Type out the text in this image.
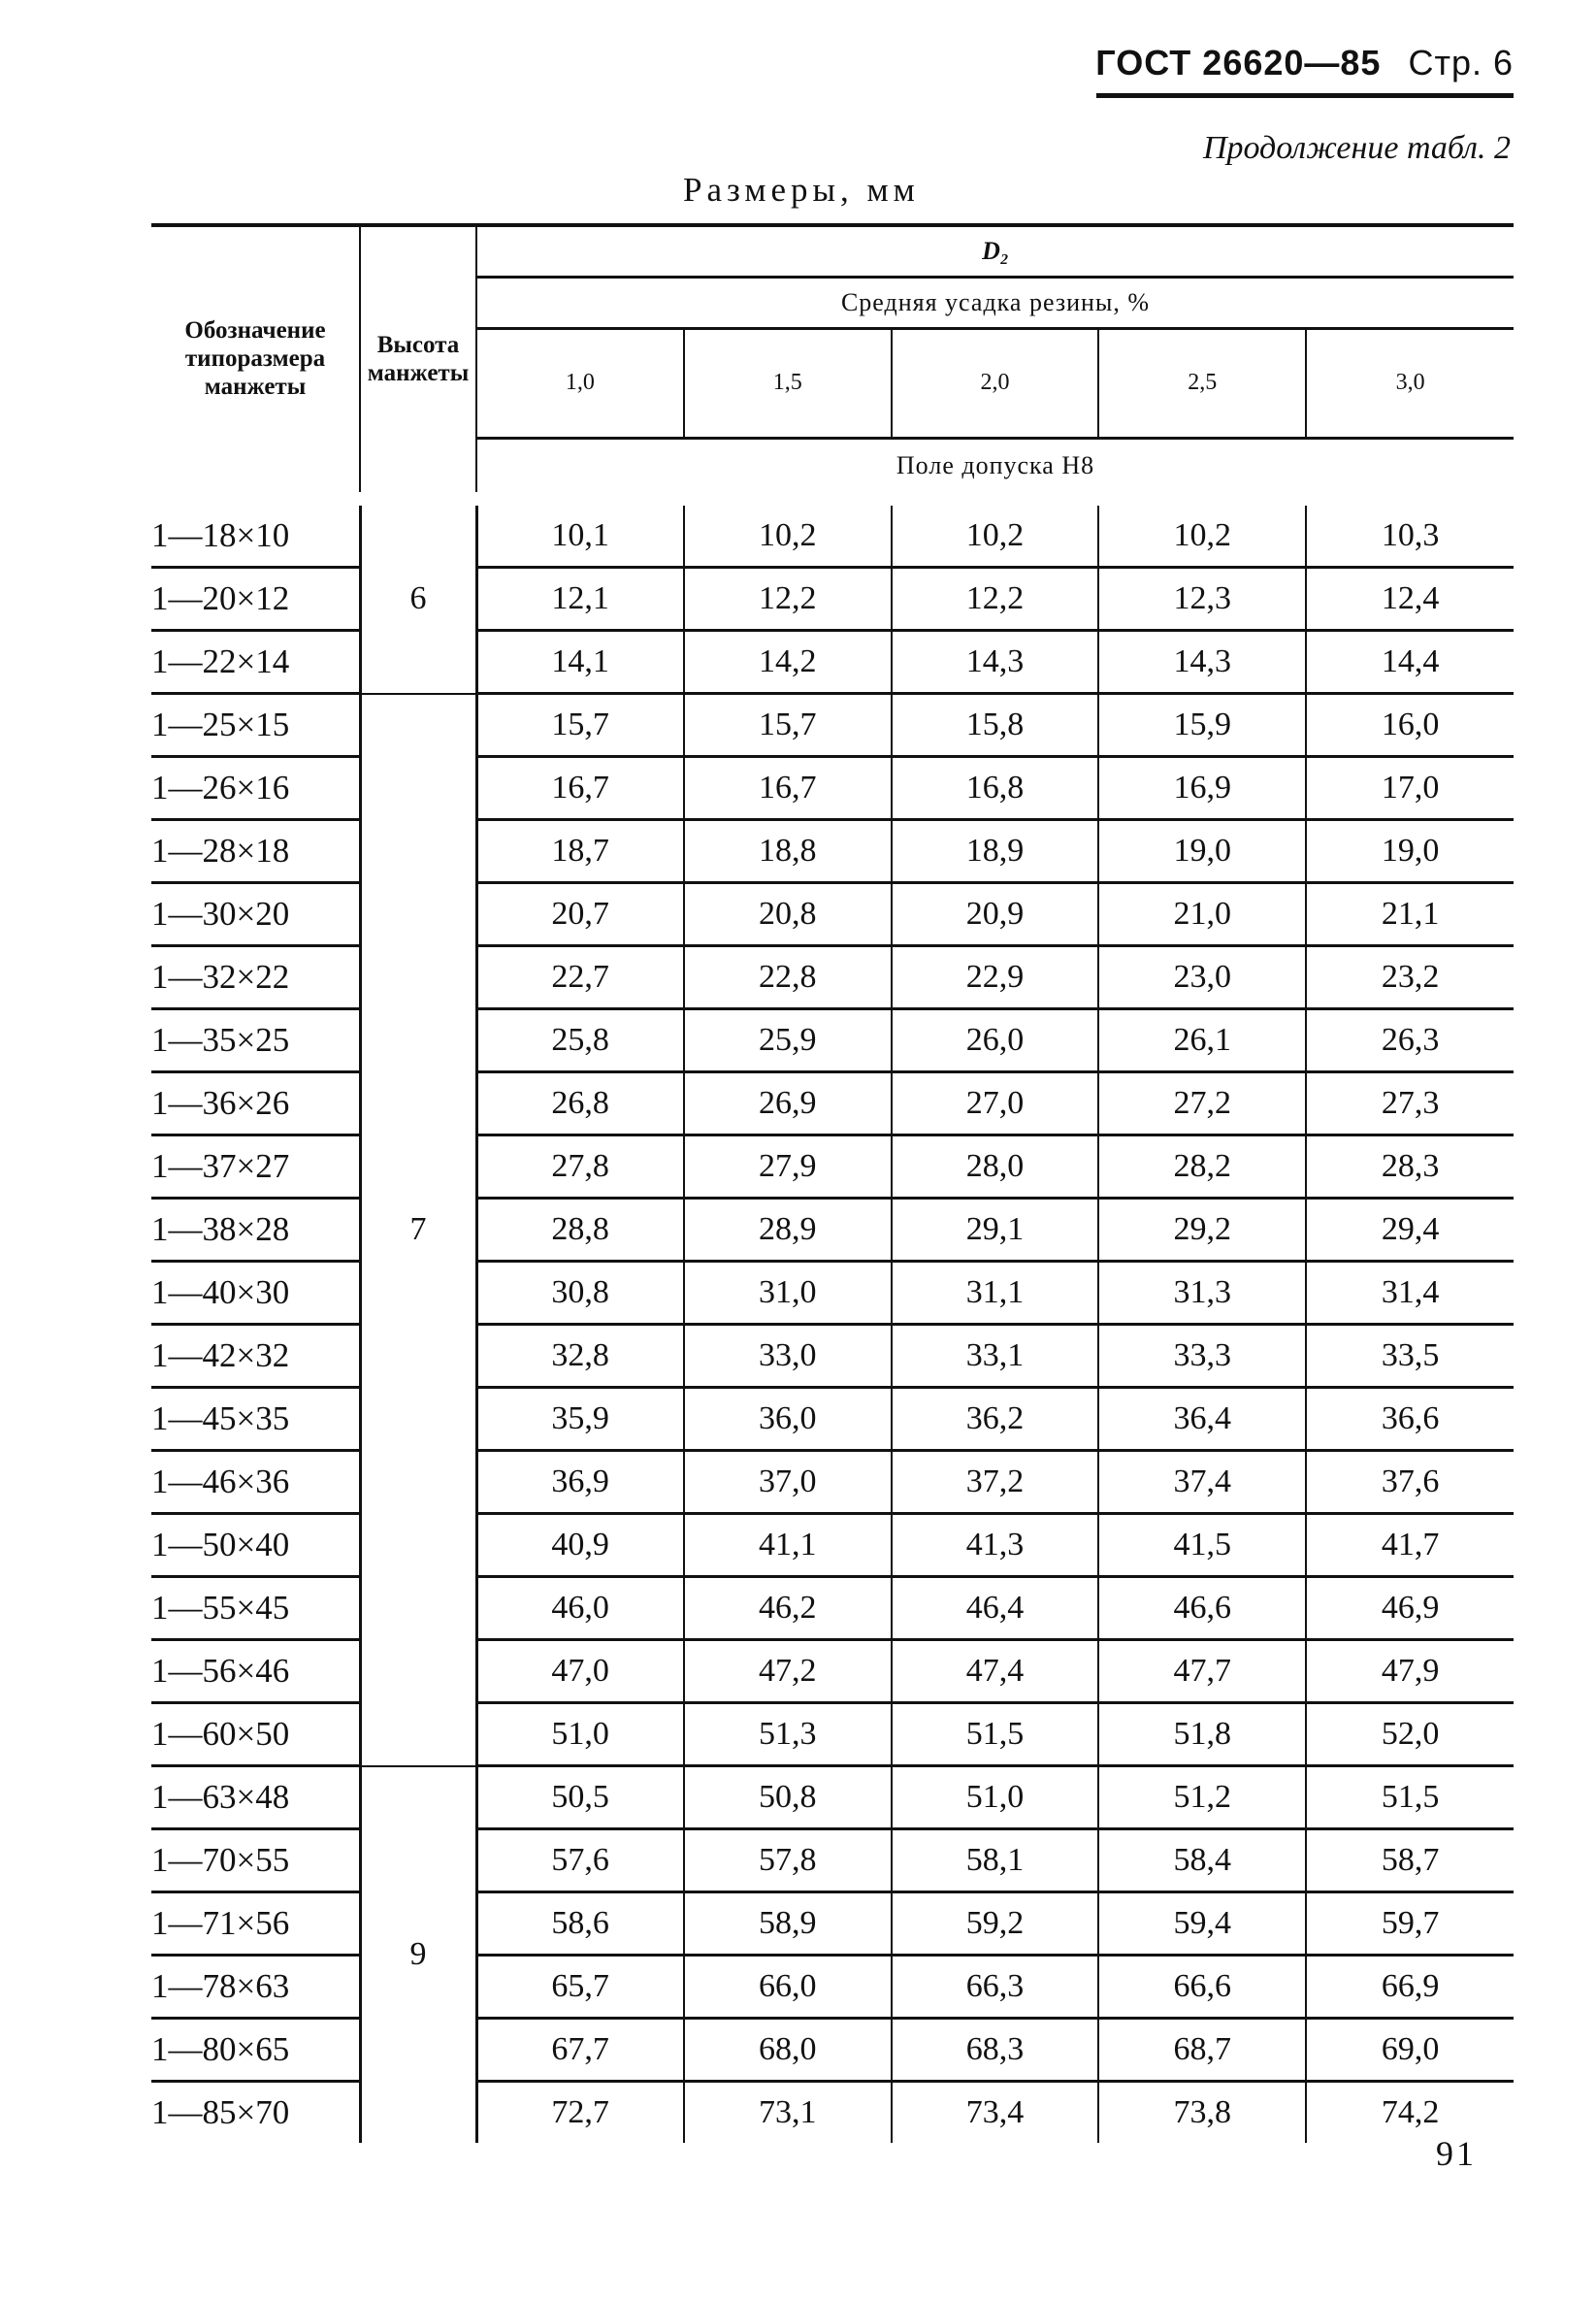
ГОСТ 26620—85 Стр. 6
Продолжение табл. 2
Размеры, мм
Обозначение типоразмера манжеты	Высота манжеты	D₂				
		Средняя усадка резины, %				
		1,0	1,5	2,0	2,5	3,0
		Поле допуска H8				
1—18×10	6	10,1	10,2	10,2	10,2	10,3
1—20×12		12,1	12,2	12,2	12,3	12,4
1—22×14		14,1	14,2	14,3	14,3	14,4
1—25×15	7	15,7	15,7	15,8	15,9	16,0
1—26×16		16,7	16,7	16,8	16,9	17,0
1—28×18		18,7	18,8	18,9	19,0	19,0
1—30×20		20,7	20,8	20,9	21,0	21,1
1—32×22		22,7	22,8	22,9	23,0	23,2
1—35×25		25,8	25,9	26,0	26,1	26,3
1—36×26		26,8	26,9	27,0	27,2	27,3
1—37×27		27,8	27,9	28,0	28,2	28,3
1—38×28		28,8	28,9	29,1	29,2	29,4
1—40×30		30,8	31,0	31,1	31,3	31,4
1—42×32		32,8	33,0	33,1	33,3	33,5
1—45×35		35,9	36,0	36,2	36,4	36,6
1—46×36		36,9	37,0	37,2	37,4	37,6
1—50×40		40,9	41,1	41,3	41,5	41,7
1—55×45		46,0	46,2	46,4	46,6	46,9
1—56×46		47,0	47,2	47,4	47,7	47,9
1—60×50		51,0	51,3	51,5	51,8	52,0
1—63×48	9	50,5	50,8	51,0	51,2	51,5
1—70×55		57,6	57,8	58,1	58,4	58,7
1—71×56		58,6	58,9	59,2	59,4	59,7
1—78×63		65,7	66,0	66,3	66,6	66,9
1—80×65		67,7	68,0	68,3	68,7	69,0
1—85×70		72,7	73,1	73,4	73,8	74,2
91
